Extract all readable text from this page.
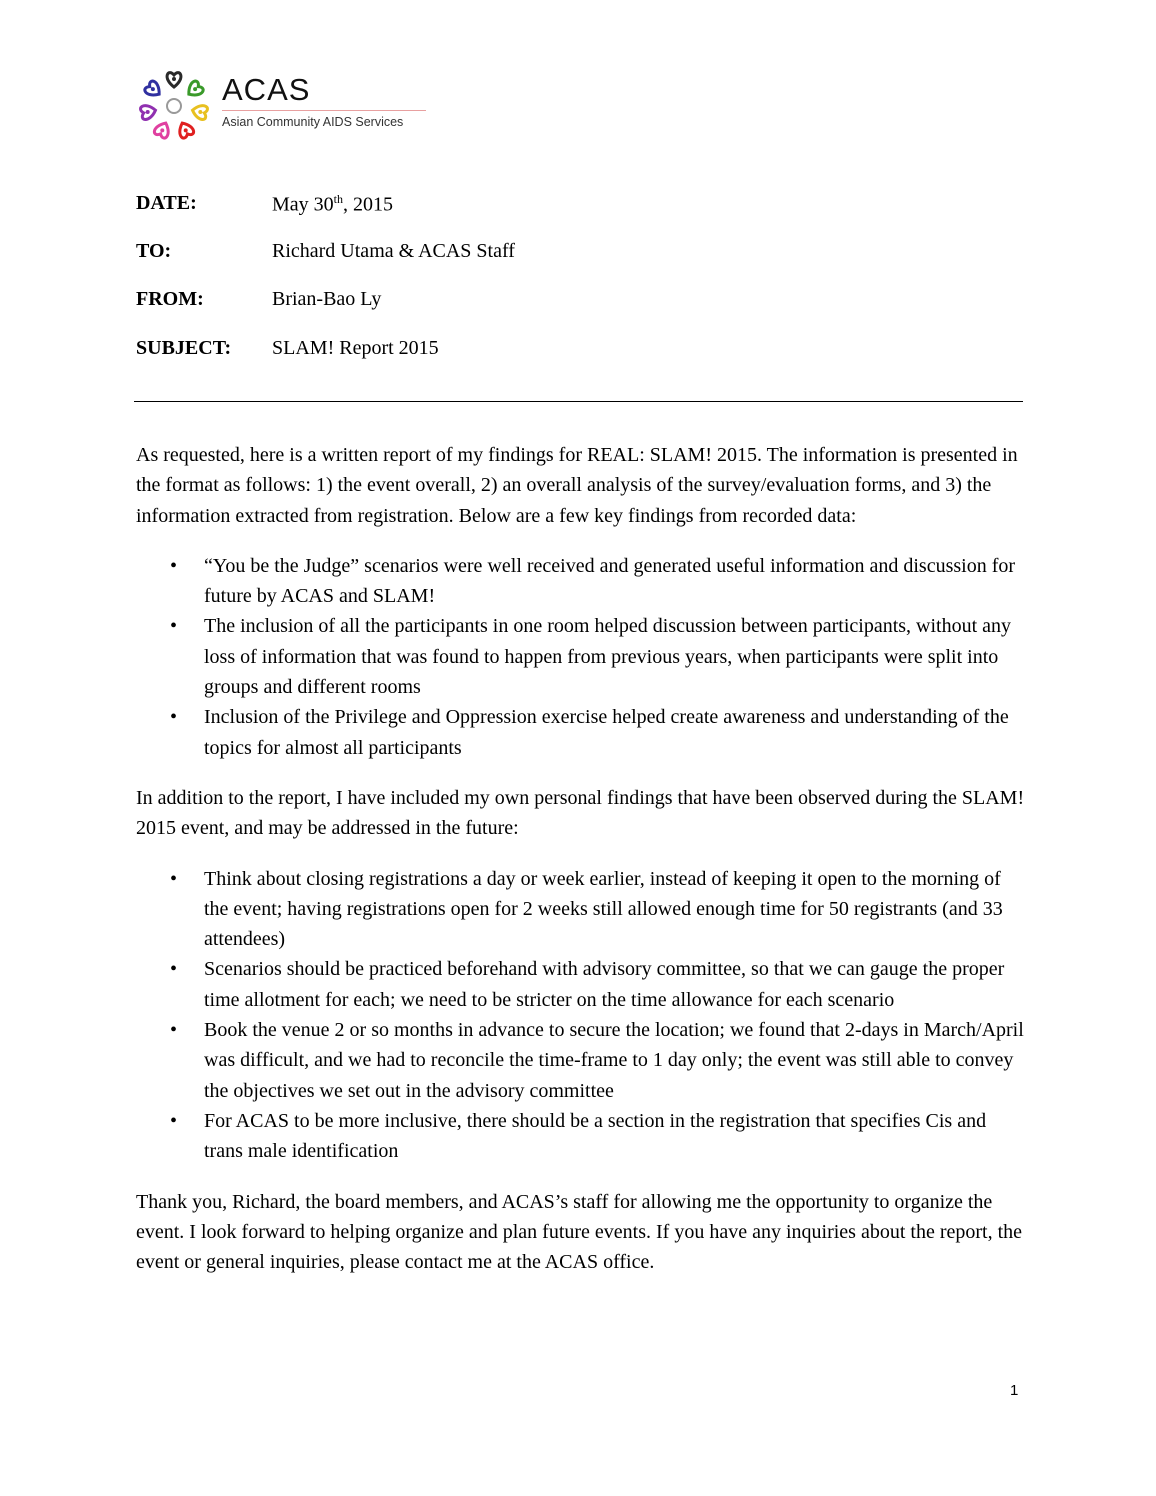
ACAS
Asian Community AIDS Services
DATE:	May 30th, 2015
TO:	Richard Utama & ACAS Staff
FROM:	Brian-Bao Ly
SUBJECT: SLAM! Report 2015

As requested, here is a written report of my findings for REAL: SLAM! 2015. The information is presented in the format as follows: 1) the event overall, 2) an overall analysis of the survey/evaluation forms, and 3) the information extracted from registration. Below are a few key findings from recorded data:

• “You be the Judge” scenarios were well received and generated useful information and discussion for future by ACAS and SLAM!
• The inclusion of all the participants in one room helped discussion between participants, without any loss of information that was found to happen from previous years, when participants were split into groups and different rooms
• Inclusion of the Privilege and Oppression exercise helped create awareness and understanding of the topics for almost all participants

In addition to the report, I have included my own personal findings that have been observed during the SLAM! 2015 event, and may be addressed in the future:

• Think about closing registrations a day or week earlier, instead of keeping it open to the morning of the event; having registrations open for 2 weeks still allowed enough time for 50 registrants (and 33 attendees)
• Scenarios should be practiced beforehand with advisory committee, so that we can gauge the proper time allotment for each; we need to be stricter on the time allowance for each scenario
• Book the venue 2 or so months in advance to secure the location; we found that 2-days in March/April was difficult, and we had to reconcile the time-frame to 1 day only; the event was still able to convey the objectives we set out in the advisory committee
• For ACAS to be more inclusive, there should be a section in the registration that specifies Cis and trans male identification

Thank you, Richard, the board members, and ACAS’s staff for allowing me the opportunity to organize the event. I look forward to helping organize and plan future events. If you have any inquiries about the report, the event or general inquiries, please contact me at the ACAS office.

1
